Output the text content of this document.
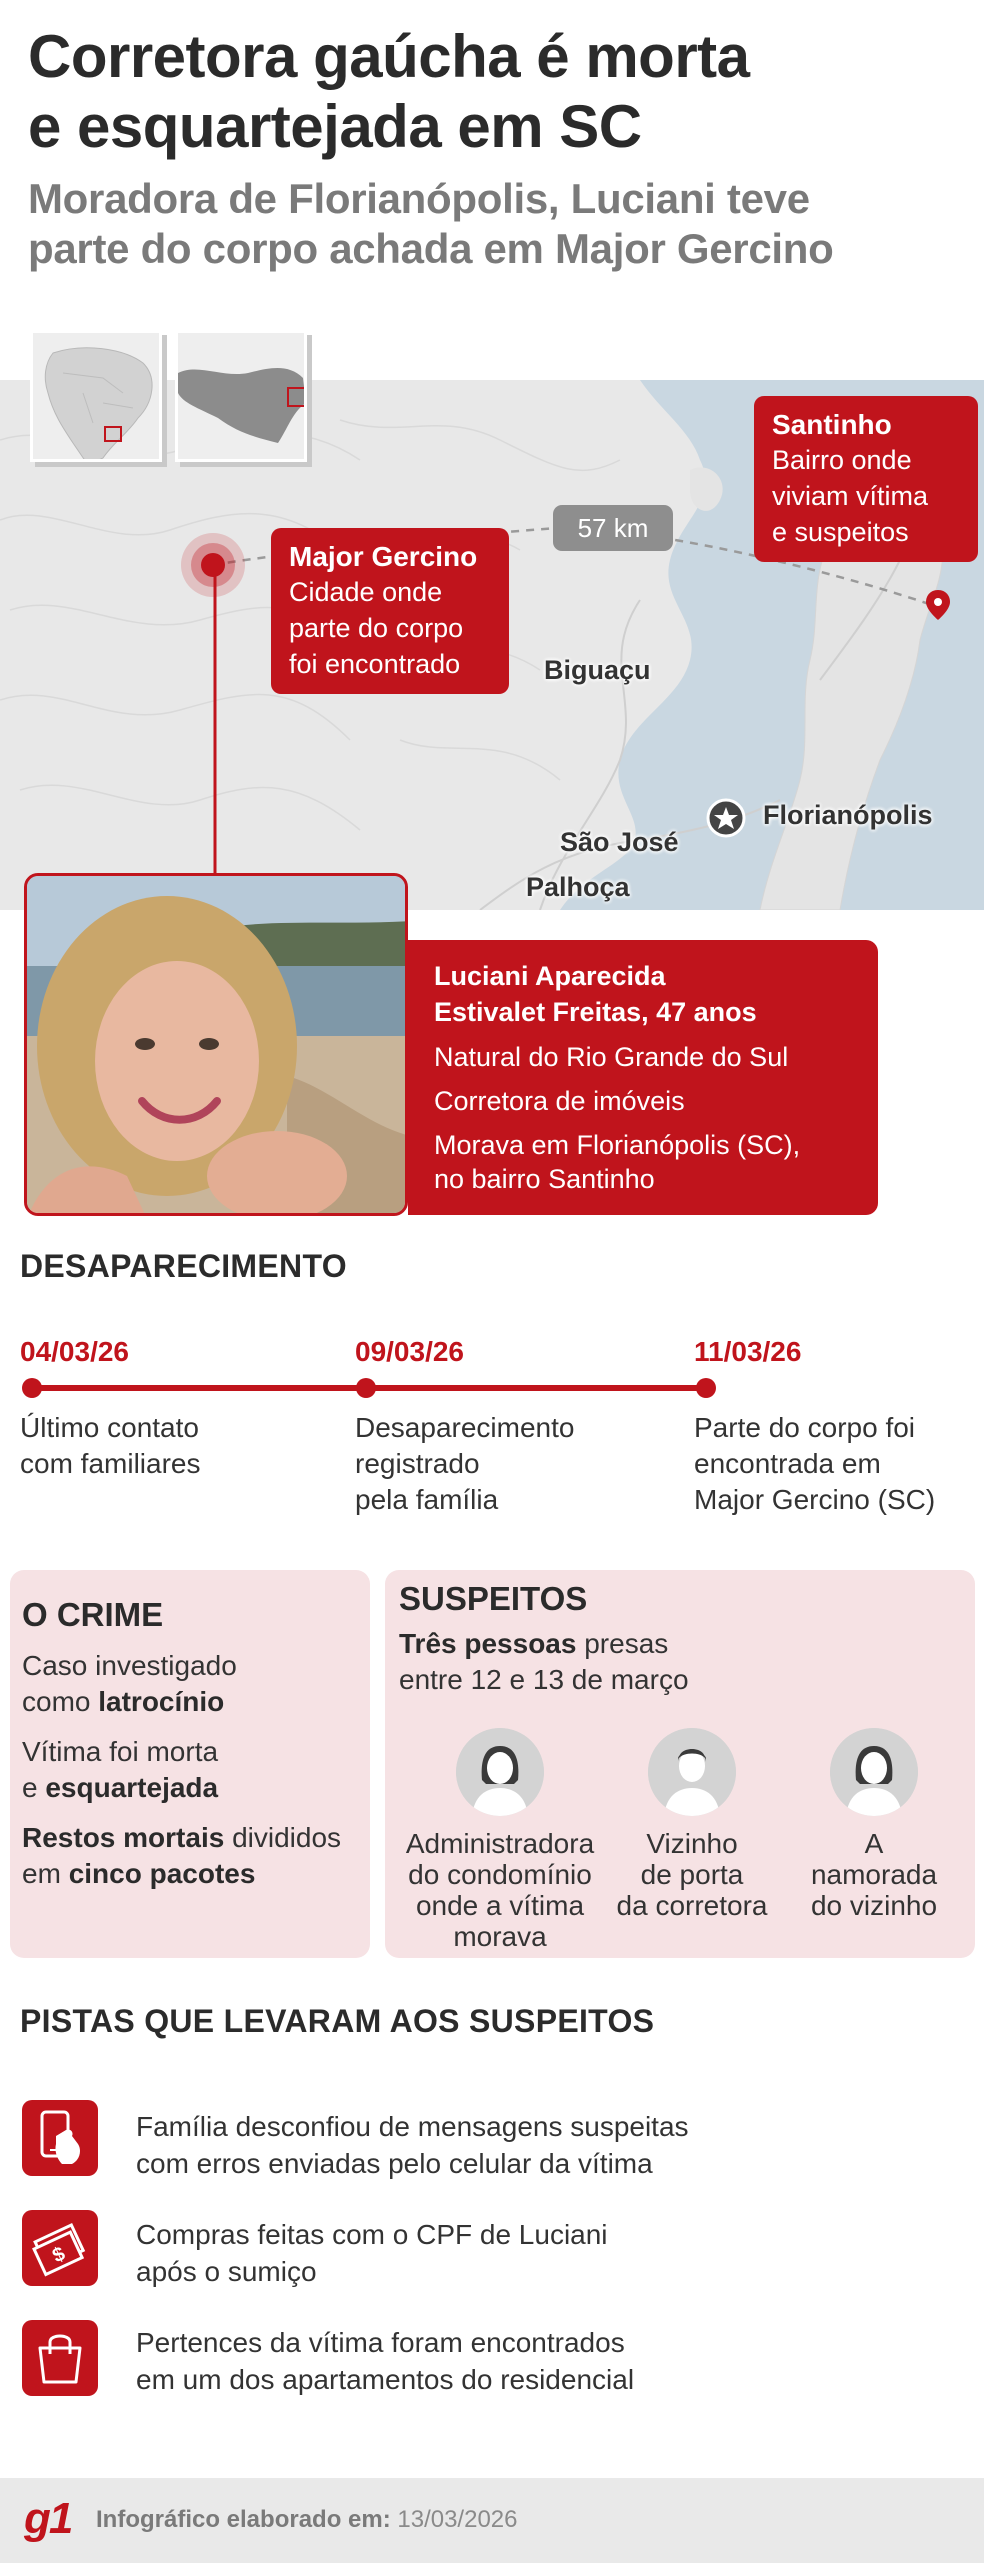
Corretora gaúcha é morta
e esquartejada em SC
Moradora de Florianópolis, Luciani teve
parte do corpo achada em Major Gercino
Biguaçu
Florianópolis
São José
Palhoça
57 km
Major Gercino
Cidade onde
parte do corpo
foi encontrado
Santinho
Bairro onde
viviam vítima
e suspeitos
Luciani Aparecida
Estivalet Freitas, 47 anos
Natural do Rio Grande do Sul
Corretora de imóveis
Morava em Florianópolis (SC),
no bairro Santinho
DESAPARECIMENTO
04/03/26	09/03/26	11/03/26
Último contato
com familiares
Desaparecimento
registrado
pela família
Parte do corpo foi
encontrada em
Major Gercino (SC)
O CRIME

Caso investigado
como latrocínio

Vítima foi morta
e esquartejada

Restos mortais divididos
em cinco pacotes

SUSPEITOS

Três pessoas presas
entre 12 e 13 de março

Administradora
do condomínio
onde a vítima
morava
Vizinho
de porta
da corretora
A
namorada
do vizinho
PISTAS QUE LEVARAM AOS SUSPEITOS
Família desconfiou de mensagens suspeitas
com erros enviadas pelo celular da vítima
$
Compras feitas com o CPF de Luciani
após o sumiço
Pertences da vítima foram encontrados
em um dos apartamentos do residencial
g1 Infográfico elaborado em: 13/03/2026
